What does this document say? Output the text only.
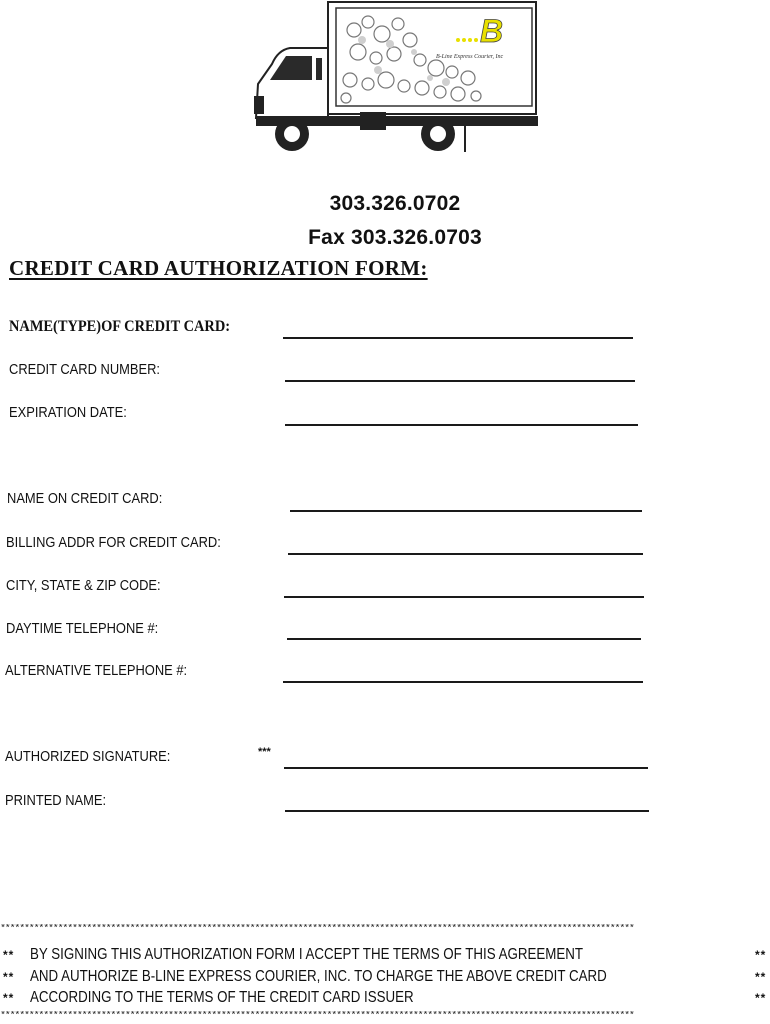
B
B-Line Express Courier, Inc
303.326.0702
Fax 303.326.0703
CREDIT CARD AUTHORIZATION FORM:
NAME(TYPE)OF CREDIT CARD:
CREDIT CARD NUMBER:
EXPIRATION DATE:
NAME ON CREDIT CARD:
BILLING ADDR FOR CREDIT CARD:
CITY, STATE & ZIP CODE:
DAYTIME TELEPHONE #:
ALTERNATIVE TELEPHONE #:
AUTHORIZED SIGNATURE:	***
PRINTED NAME:
************************************************************************************************************************************
** BY SIGNING THIS AUTHORIZATION FORM I ACCEPT THE TERMS OF THIS AGREEMENT	**
** AND AUTHORIZE B-LINE EXPRESS COURIER, INC. TO CHARGE THE ABOVE CREDIT CARD	**
** ACCORDING TO THE TERMS OF THE CREDIT CARD ISSUER	**
************************************************************************************************************************************
